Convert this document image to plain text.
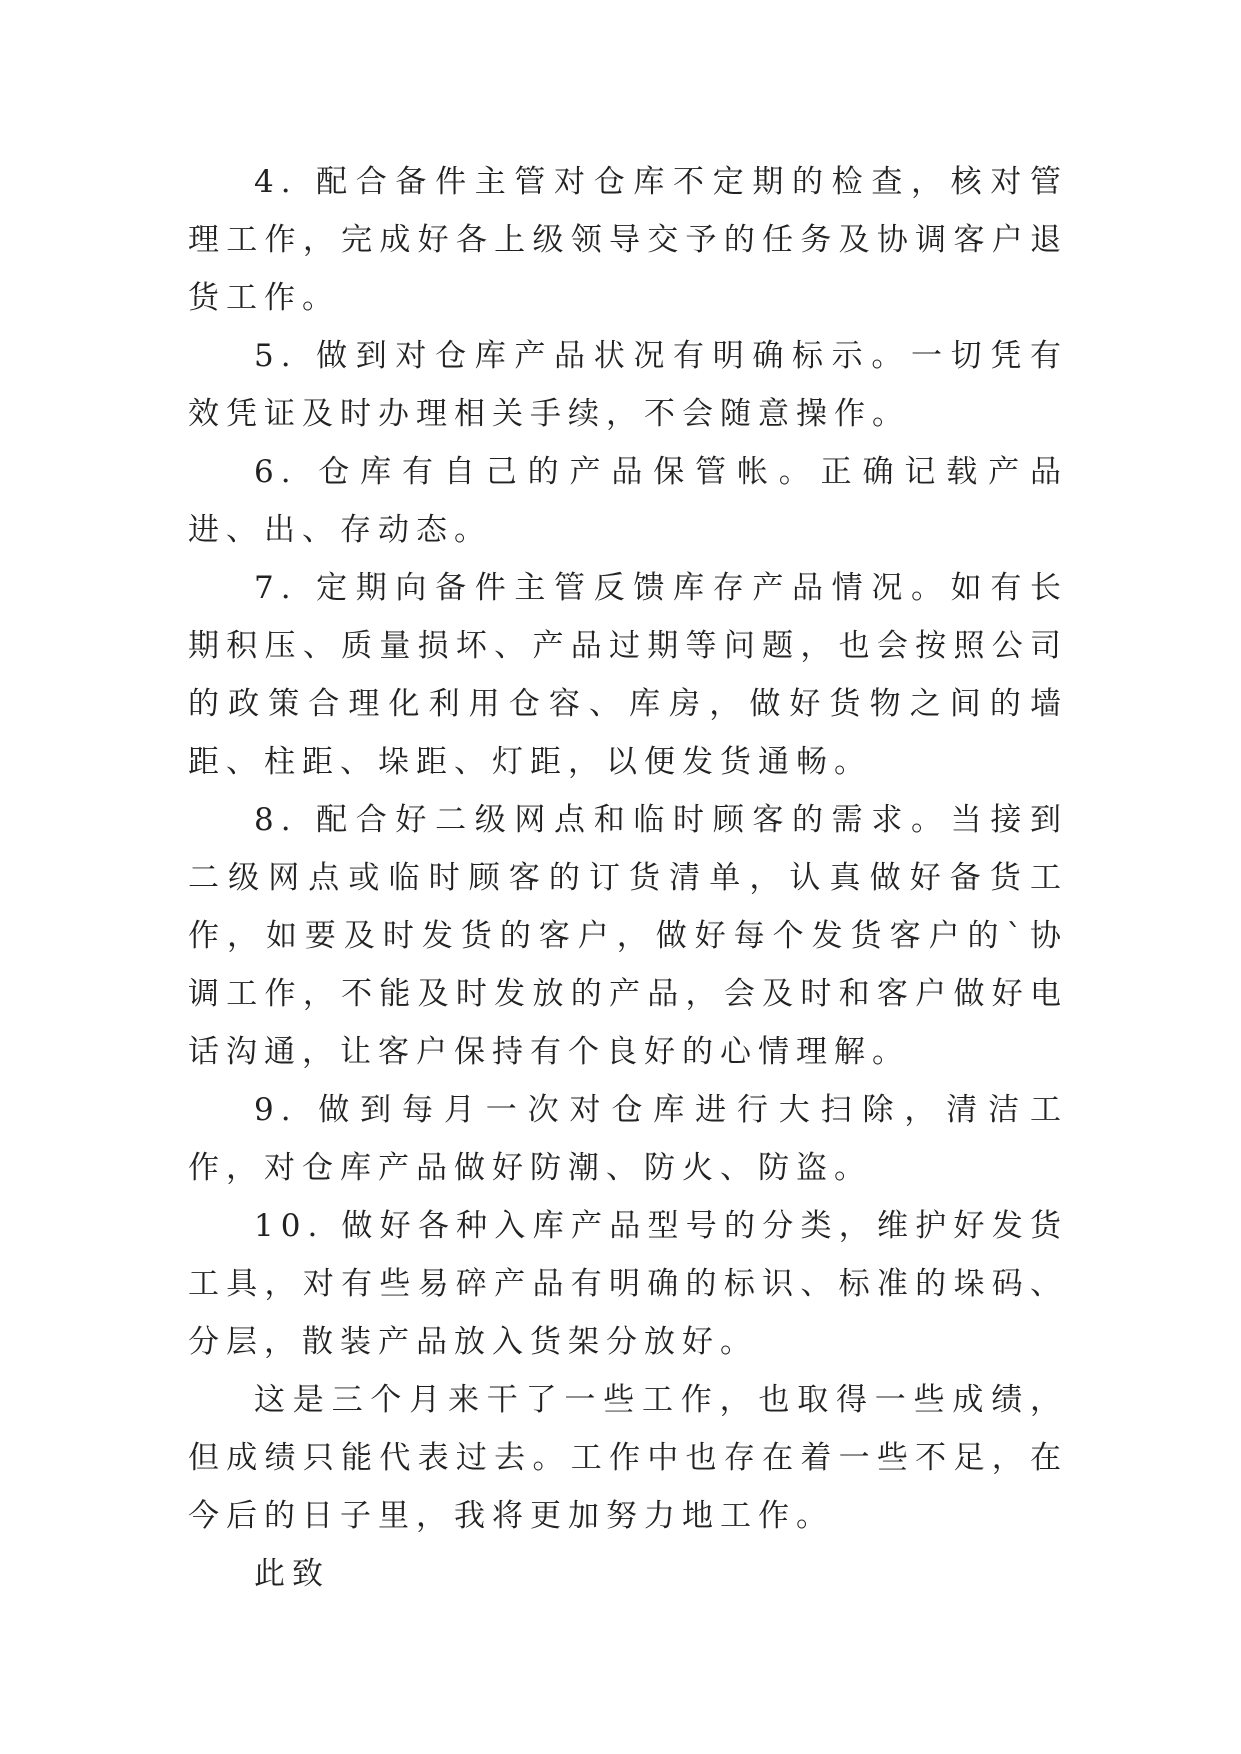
4. 配合备件主管对仓库不定期的检查，核对管理工作，完成好各上级领导交予的任务及协调客户退货工作。

5. 做到对仓库产品状况有明确标示。一切凭有效凭证及时办理相关手续，不会随意操作。

6. 仓库有自己的产品保管帐。正确记载产品进、出、存动态。

7. 定期向备件主管反馈库存产品情况。如有长期积压、质量损坏、产品过期等问题，也会按照公司的政策合理化利用仓容、库房，做好货物之间的墙距、柱距、垛距、灯距，以便发货通畅。

8. 配合好二级网点和临时顾客的需求。当接到二级网点或临时顾客的订货清单，认真做好备货工作，如要及时发货的客户，做好每个发货客户的`协调工作，不能及时发放的产品，会及时和客户做好电话沟通，让客户保持有个良好的心情理解。

9. 做到每月一次对仓库进行大扫除，清洁工作，对仓库产品做好防潮、防火、防盗。

10. 做好各种入库产品型号的分类，维护好发货工具，对有些易碎产品有明确的标识、标准的垛码、分层，散装产品放入货架分放好。

这是三个月来干了一些工作，也取得一些成绩，但成绩只能代表过去。工作中也存在着一些不足，在今后的日子里，我将更加努力地工作。

此致
